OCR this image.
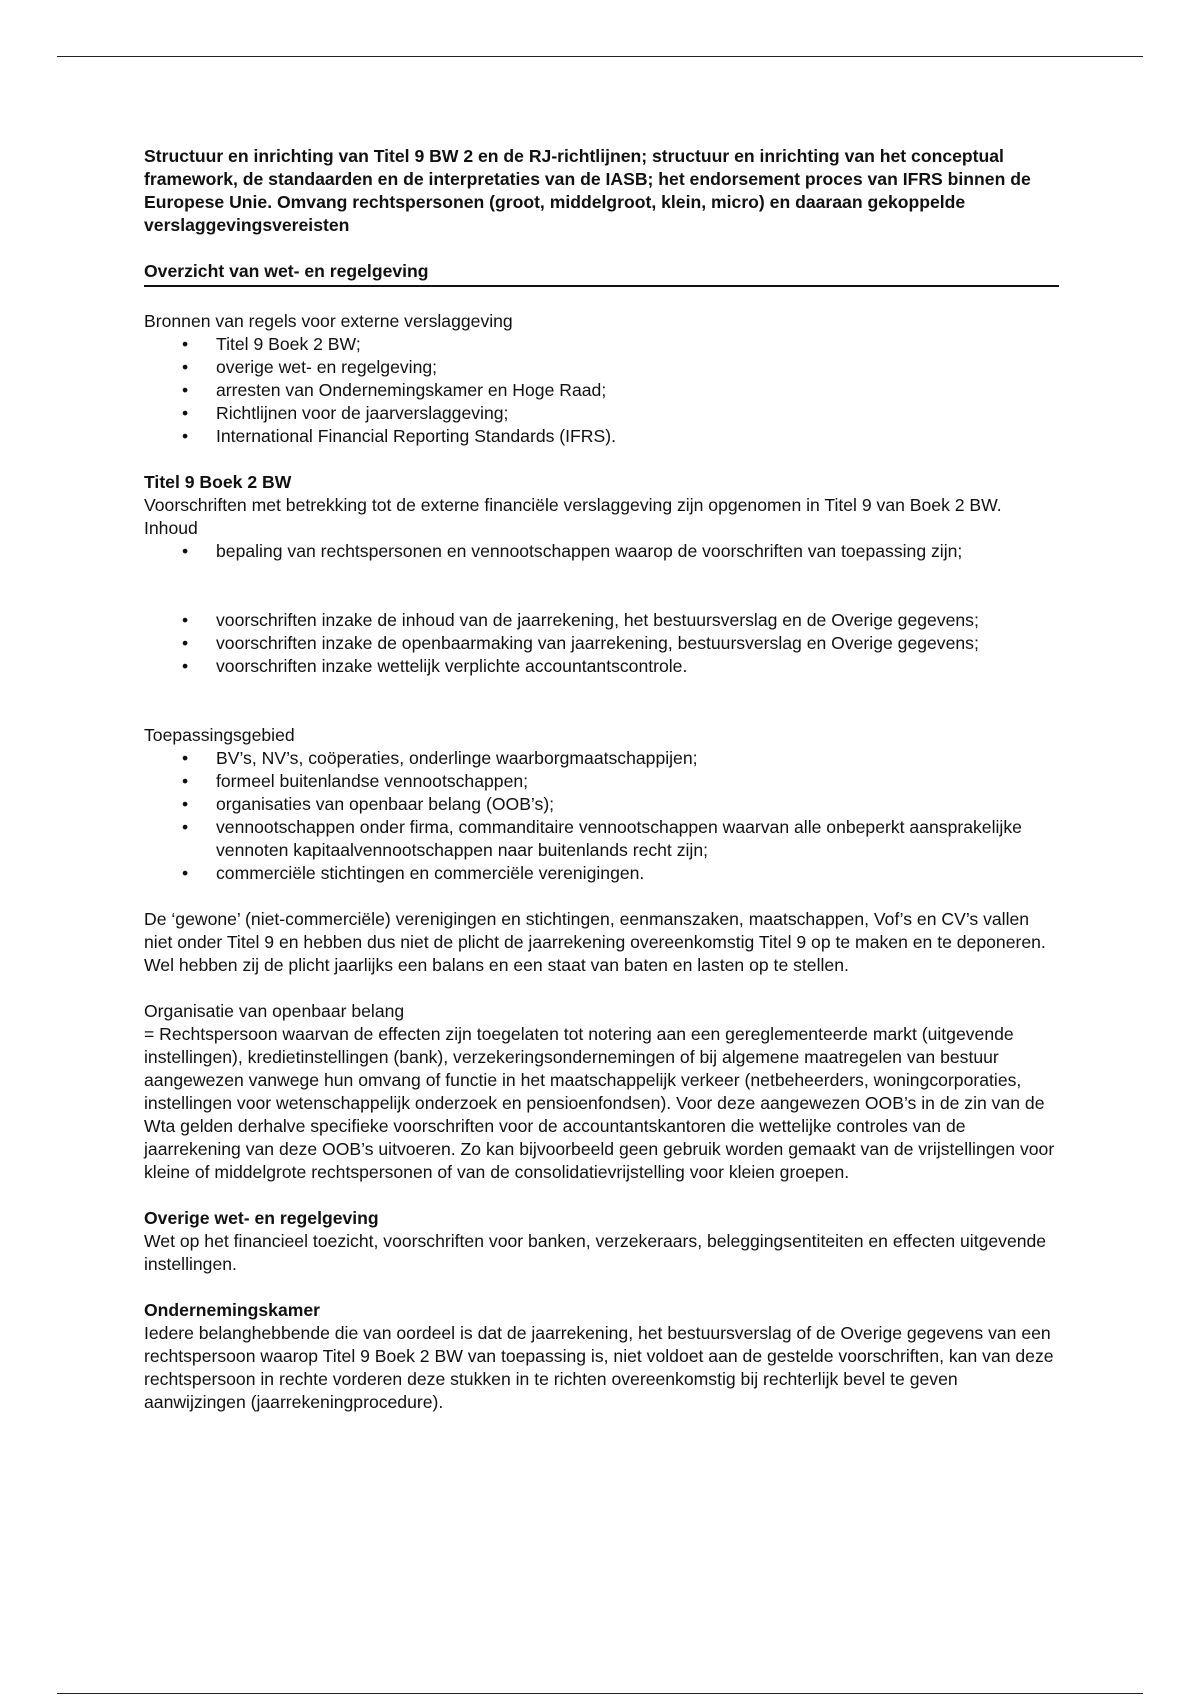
Structuur en inrichting van Titel 9 BW 2 en de RJ-richtlijnen; structuur en inrichting van het conceptual framework, de standaarden en de interpretaties van de IASB; het endorsement proces van IFRS binnen de Europese Unie. Omvang rechtspersonen (groot, middelgroot, klein, micro) en daaraan gekoppelde verslaggevingsvereisten

Overzicht van wet- en regelgeving

Bronnen van regels voor externe verslaggeving

• Titel 9 Boek 2 BW;
• overige wet- en regelgeving;
• arresten van Ondernemingskamer en Hoge Raad;
• Richtlijnen voor de jaarverslaggeving;
• International Financial Reporting Standards (IFRS).

Titel 9 Boek 2 BW

Voorschriften met betrekking tot de externe financiële verslaggeving zijn opgenomen in Titel 9 van Boek 2 BW.

Inhoud

• bepaling van rechtspersonen en vennootschappen waarop de voorschriften van toepassing zijn;
• voorschriften inzake de inhoud van de jaarrekening, het bestuursverslag en de Overige gegevens;
• voorschriften inzake de openbaarmaking van jaarrekening, bestuursverslag en Overige gegevens;
• voorschriften inzake wettelijk verplichte accountantscontrole.

Toepassingsgebied

• BV’s, NV’s, coöperaties, onderlinge waarborgmaatschappijen;
• formeel buitenlandse vennootschappen;
• organisaties van openbaar belang (OOB’s);
• vennootschappen onder firma, commanditaire vennootschappen waarvan alle onbeperkt aansprakelijke vennoten kapitaalvennootschappen naar buitenlands recht zijn;
• commerciële stichtingen en commerciële verenigingen.

De ‘gewone’ (niet-commerciële) verenigingen en stichtingen, eenmanszaken, maatschappen, Vof’s en CV’s vallen niet onder Titel 9 en hebben dus niet de plicht de jaarrekening overeenkomstig Titel 9 op te maken en te deponeren. Wel hebben zij de plicht jaarlijks een balans en een staat van baten en lasten op te stellen.

Organisatie van openbaar belang

= Rechtspersoon waarvan de effecten zijn toegelaten tot notering aan een gereglementeerde markt (uitgevende instellingen), kredietinstellingen (bank), verzekeringsondernemingen of bij algemene maatregelen van bestuur aangewezen vanwege hun omvang of functie in het maatschappelijk verkeer (netbeheerders, woningcorporaties, instellingen voor wetenschappelijk onderzoek en pensioenfondsen). Voor deze aangewezen OOB’s in de zin van de Wta gelden derhalve specifieke voorschriften voor de accountantskantoren die wettelijke controles van de jaarrekening van deze OOB’s uitvoeren. Zo kan bijvoorbeeld geen gebruik worden gemaakt van de vrijstellingen voor kleine of middelgrote rechtspersonen of van de consolidatievrijstelling voor kleien groepen.

Overige wet- en regelgeving

Wet op het financieel toezicht, voorschriften voor banken, verzekeraars, beleggingsentiteiten en effecten uitgevende instellingen.

Ondernemingskamer

Iedere belanghebbende die van oordeel is dat de jaarrekening, het bestuursverslag of de Overige gegevens van een rechtspersoon waarop Titel 9 Boek 2 BW van toepassing is, niet voldoet aan de gestelde voorschriften, kan van deze rechtspersoon in rechte vorderen deze stukken in te richten overeenkomstig bij rechterlijk bevel te geven aanwijzingen (jaarrekeningprocedure).
